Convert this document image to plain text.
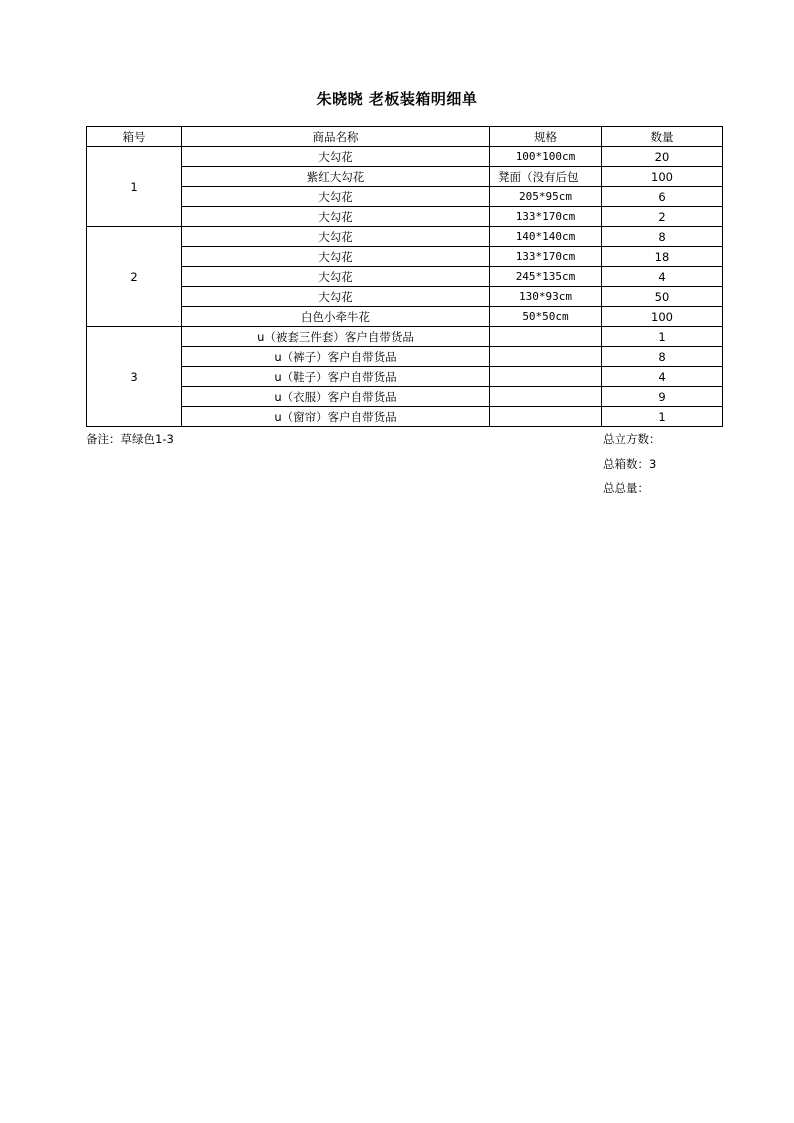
朱晓晓 老板装箱明细单
箱号	商品名称	规格	数量
1	大勾花	100*100cm	20
	紫红大勾花	凳面（没有后包	100
	大勾花	205*95cm	6
	大勾花	133*170cm	2
2	大勾花	140*140cm	8
	大勾花	133*170cm	18
	大勾花	245*135cm	4
	大勾花	130*93cm	50
	白色小牵牛花	50*50cm	100
3	u（被套三件套）客户自带货品		1
	u（裤子）客户自带货品		8
	u（鞋子）客户自带货品		4
	u（衣服）客户自带货品		9
	u（窗帘）客户自带货品		1
备注：草绿色1-3	总立方数：
总箱数：3
总总量：
